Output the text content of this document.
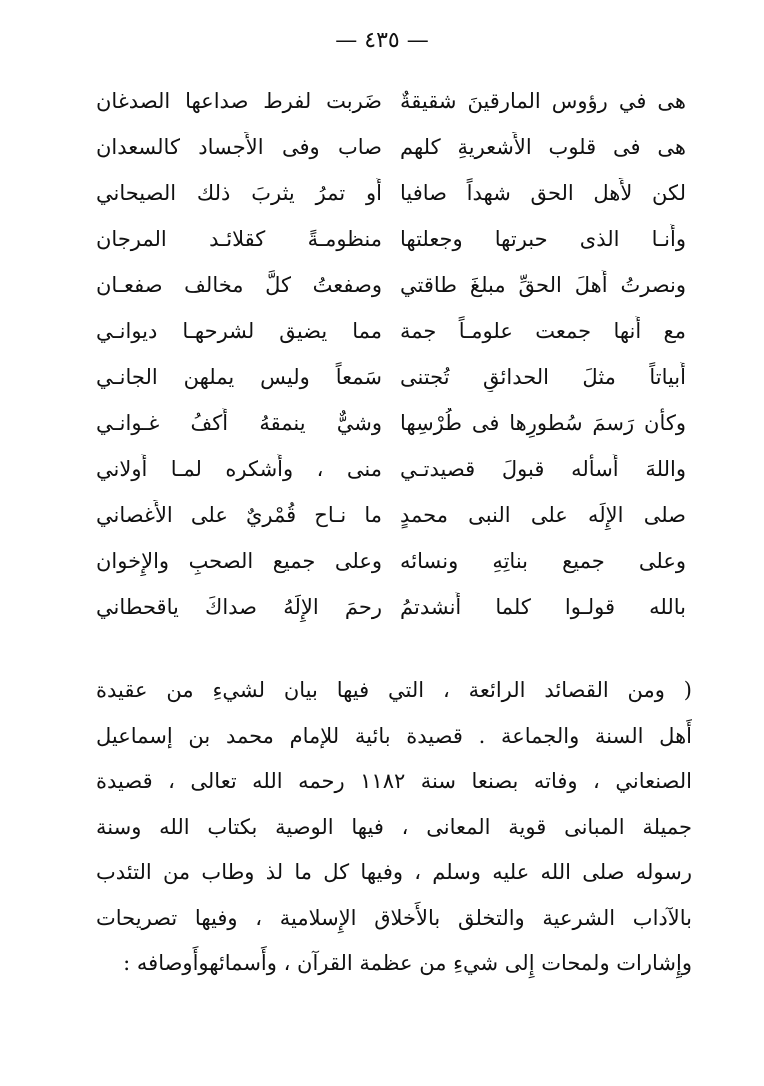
— ٤٣٥ —
هى في رؤوس المارقينَ شقيقةٌ
ضَربت لفرط صداعها الصدغان
هى فى قلوب الأَشعريةِ كلهم
صاب وفى الأَجساد كالسعدان
لكن لأَهل الحق شهداً صافيا
أَو تمرُ يثربَ ذلك الصيحاني
وأَنـا الذى حبرتها وجعلتها
منظومـةً كقلائـد المرجان
ونصرتُ أَهلَ الحقِّ مبلغَ طاقتي
وصفعتُ كلَّ مخالف صفعـان
مع أَنها جمعت علومـاً جمة
مما يضيق لشرحهـا ديوانـي
أَبياتاً مثلَ الحدائقِ تُجتنى
سَمعاً وليس يملهن الجانـي
وكأَن رَسمَ سُطورِها فى طُرْسِها
وشيٌّ ينمقهُ أَكفُ غـوانـي
واللهَ أَسأَله قبولَ قصيدتـي
منى ، وأَشكره لمـا أَولاني
صلى الإِلَه على النبى محمدٍ
ما نـاح قُمْريٌ على الأَغصاني
وعلى جميع بناتِهِ ونسائه
وعلى جميع الصحبِ والإِخوان
بالله قولـوا كلما أَنشدتمُ
رحمَ الإِلَهُ صداكَ ياقحطاني
( ومن القصائد الرائعة ، التي فيها بيان لشيءِ من عقيدة
أَهل السنة والجماعة . قصيدة بائية للإمام محمد بن إسماعيل
الصنعاني ، وفاته بصنعا سنة ١١٨٢ رحمه الله تعالى ، قصيدة
جميلة المبانى قوية المعانى ، فيها الوصية بكتاب الله وسنة
رسوله صلى الله عليه وسلم ، وفيها كل ما لذ وطاب من التئدب
بالآداب الشرعية والتخلق بالأَخلاق الإِسلامية ، وفيها تصريحات
وإِشارات ولمحات إِلى شيءِ من عظمة القرآن ، وأَسمائهوأَوصافه :
